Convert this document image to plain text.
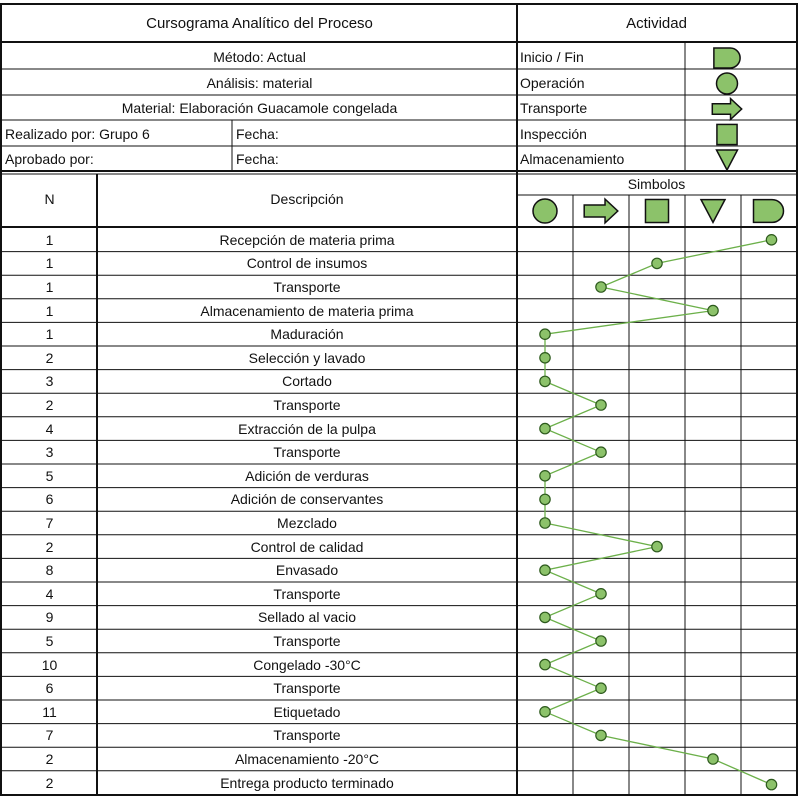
Cursograma Analítico del Proceso	Actividad
Método: Actual
Análisis: material
Material: Elaboración Guacamole congelada
Realizado por: Grupo 6	Fecha:
Aprobado por:	Fecha:
Inicio / Fin
Operación
Transporte
Inspección
Almacenamiento
N	Descripción
Simbolos
1	Recepción de materia prima
1	Control de insumos
1	Transporte
1	Almacenamiento de materia prima
1	Maduración
2	Selección y lavado
3	Cortado
2	Transporte
4	Extracción de la pulpa
3	Transporte
5	Adición de verduras
6	Adición de conservantes
7	Mezclado
2	Control de calidad
8	Envasado
4	Transporte
9	Sellado al vacio
5	Transporte
10	Congelado -30°C
6	Transporte
11	Etiquetado
7	Transporte
2	Almacenamiento -20°C
2	Entrega producto terminado
